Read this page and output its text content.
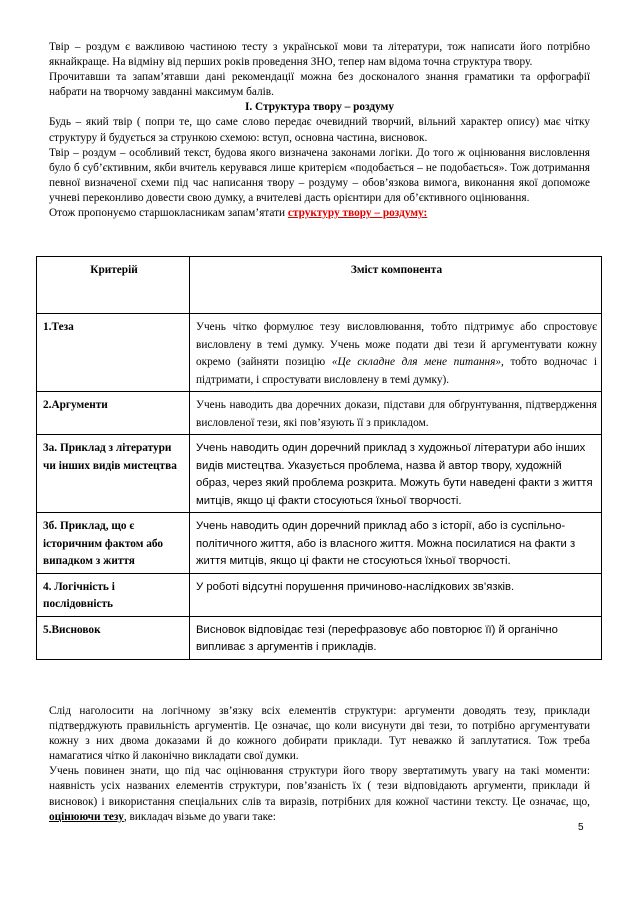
Твір – роздум є важливою частиною тесту з української мови та літератури, тож написати його потрібно якнайкраще. На відміну від перших років проведення ЗНО, тепер нам відома точна структура твору.

Прочитавши та запам’ятавши дані рекомендації можна без досконалого знання граматики та орфографії набрати на творчому завданні максимум балів.

І. Структура твору – роздуму

Будь – який твір ( попри те, що саме слово передає очевидний творчий, вільний характер опису) має чітку структуру й будується за стрункою схемою: вступ, основна частина, висновок.

Твір – роздум – особливий текст, будова якого визначена законами логіки. До того ж оцінювання висловлення було б суб’єктивним, якби вчитель керувався лише критерієм «подобається – не подобається». Тож дотримання певної визначеної схеми під час написання твору – роздуму – обов’язкова вимога, виконання якої допоможе учневі переконливо довести свою думку, а вчителеві дасть орієнтири для об’єктивного оцінювання.

Отож пропонуємо старшокласникам запам’ятати структуру твору – роздуму:

Критерій	Зміст компонента
1.Теза	Учень чітко формулює тезу висловлювання, тобто підтримує або спростовує висловлену в темі думку. Учень може подати дві тези й аргументувати кожну окремо (зайняти позицію «Це складне для мене питання», тобто водночас і підтримати, і спростувати висловлену в темі думку).
2.Аргументи	Учень наводить два доречних докази, підстави для обґрунтування, підтвердження висловленої тези, які пов’язують її з прикладом.
3а. Приклад з літератури чи інших видів мистецтва	Учень наводить один доречний приклад з художньої літератури або інших видів мистецтва. Указується проблема, назва й автор твору, художній образ, через який проблема розкрита. Можуть бути наведені факти з життя митців, якщо ці факти стосуються їхньої творчості.
3б. Приклад, що є історичним фактом або випадком з життя	Учень наводить один доречний приклад або з історії, або із суспільно-політичного життя, або із власного життя. Можна посилатися на факти з життя митців, якщо ці факти не стосуються їхньої творчості.
4. Логічність і послідовність	У роботі відсутні порушення причиново-наслідкових зв’язків.
5.Висновок	Висновок відповідає тезі (перефразовує або повторює її) й органічно випливає з аргументів і прикладів.

Слід наголосити на логічному зв’язку всіх елементів структури: аргументи доводять тезу, приклади підтверджують правильність аргументів. Це означає, що коли висунути дві тези, то потрібно аргументувати кожну з них двома доказами й до кожного добирати приклади. Тут неважко й заплутатися. Тож треба намагатися чітко й лаконічно викладати свої думки.

Учень повинен знати, що під час оцінювання структури його твору звертатимуть увагу на такі моменти: наявність усіх названих елементів структури, пов’язаність їх ( тези відповідають аргументи, приклади й висновок) і використання спеціальних слів та виразів, потрібних для кожної частини тексту. Це означає, що, оцінюючи тезу, викладач візьме до уваги таке:

5
